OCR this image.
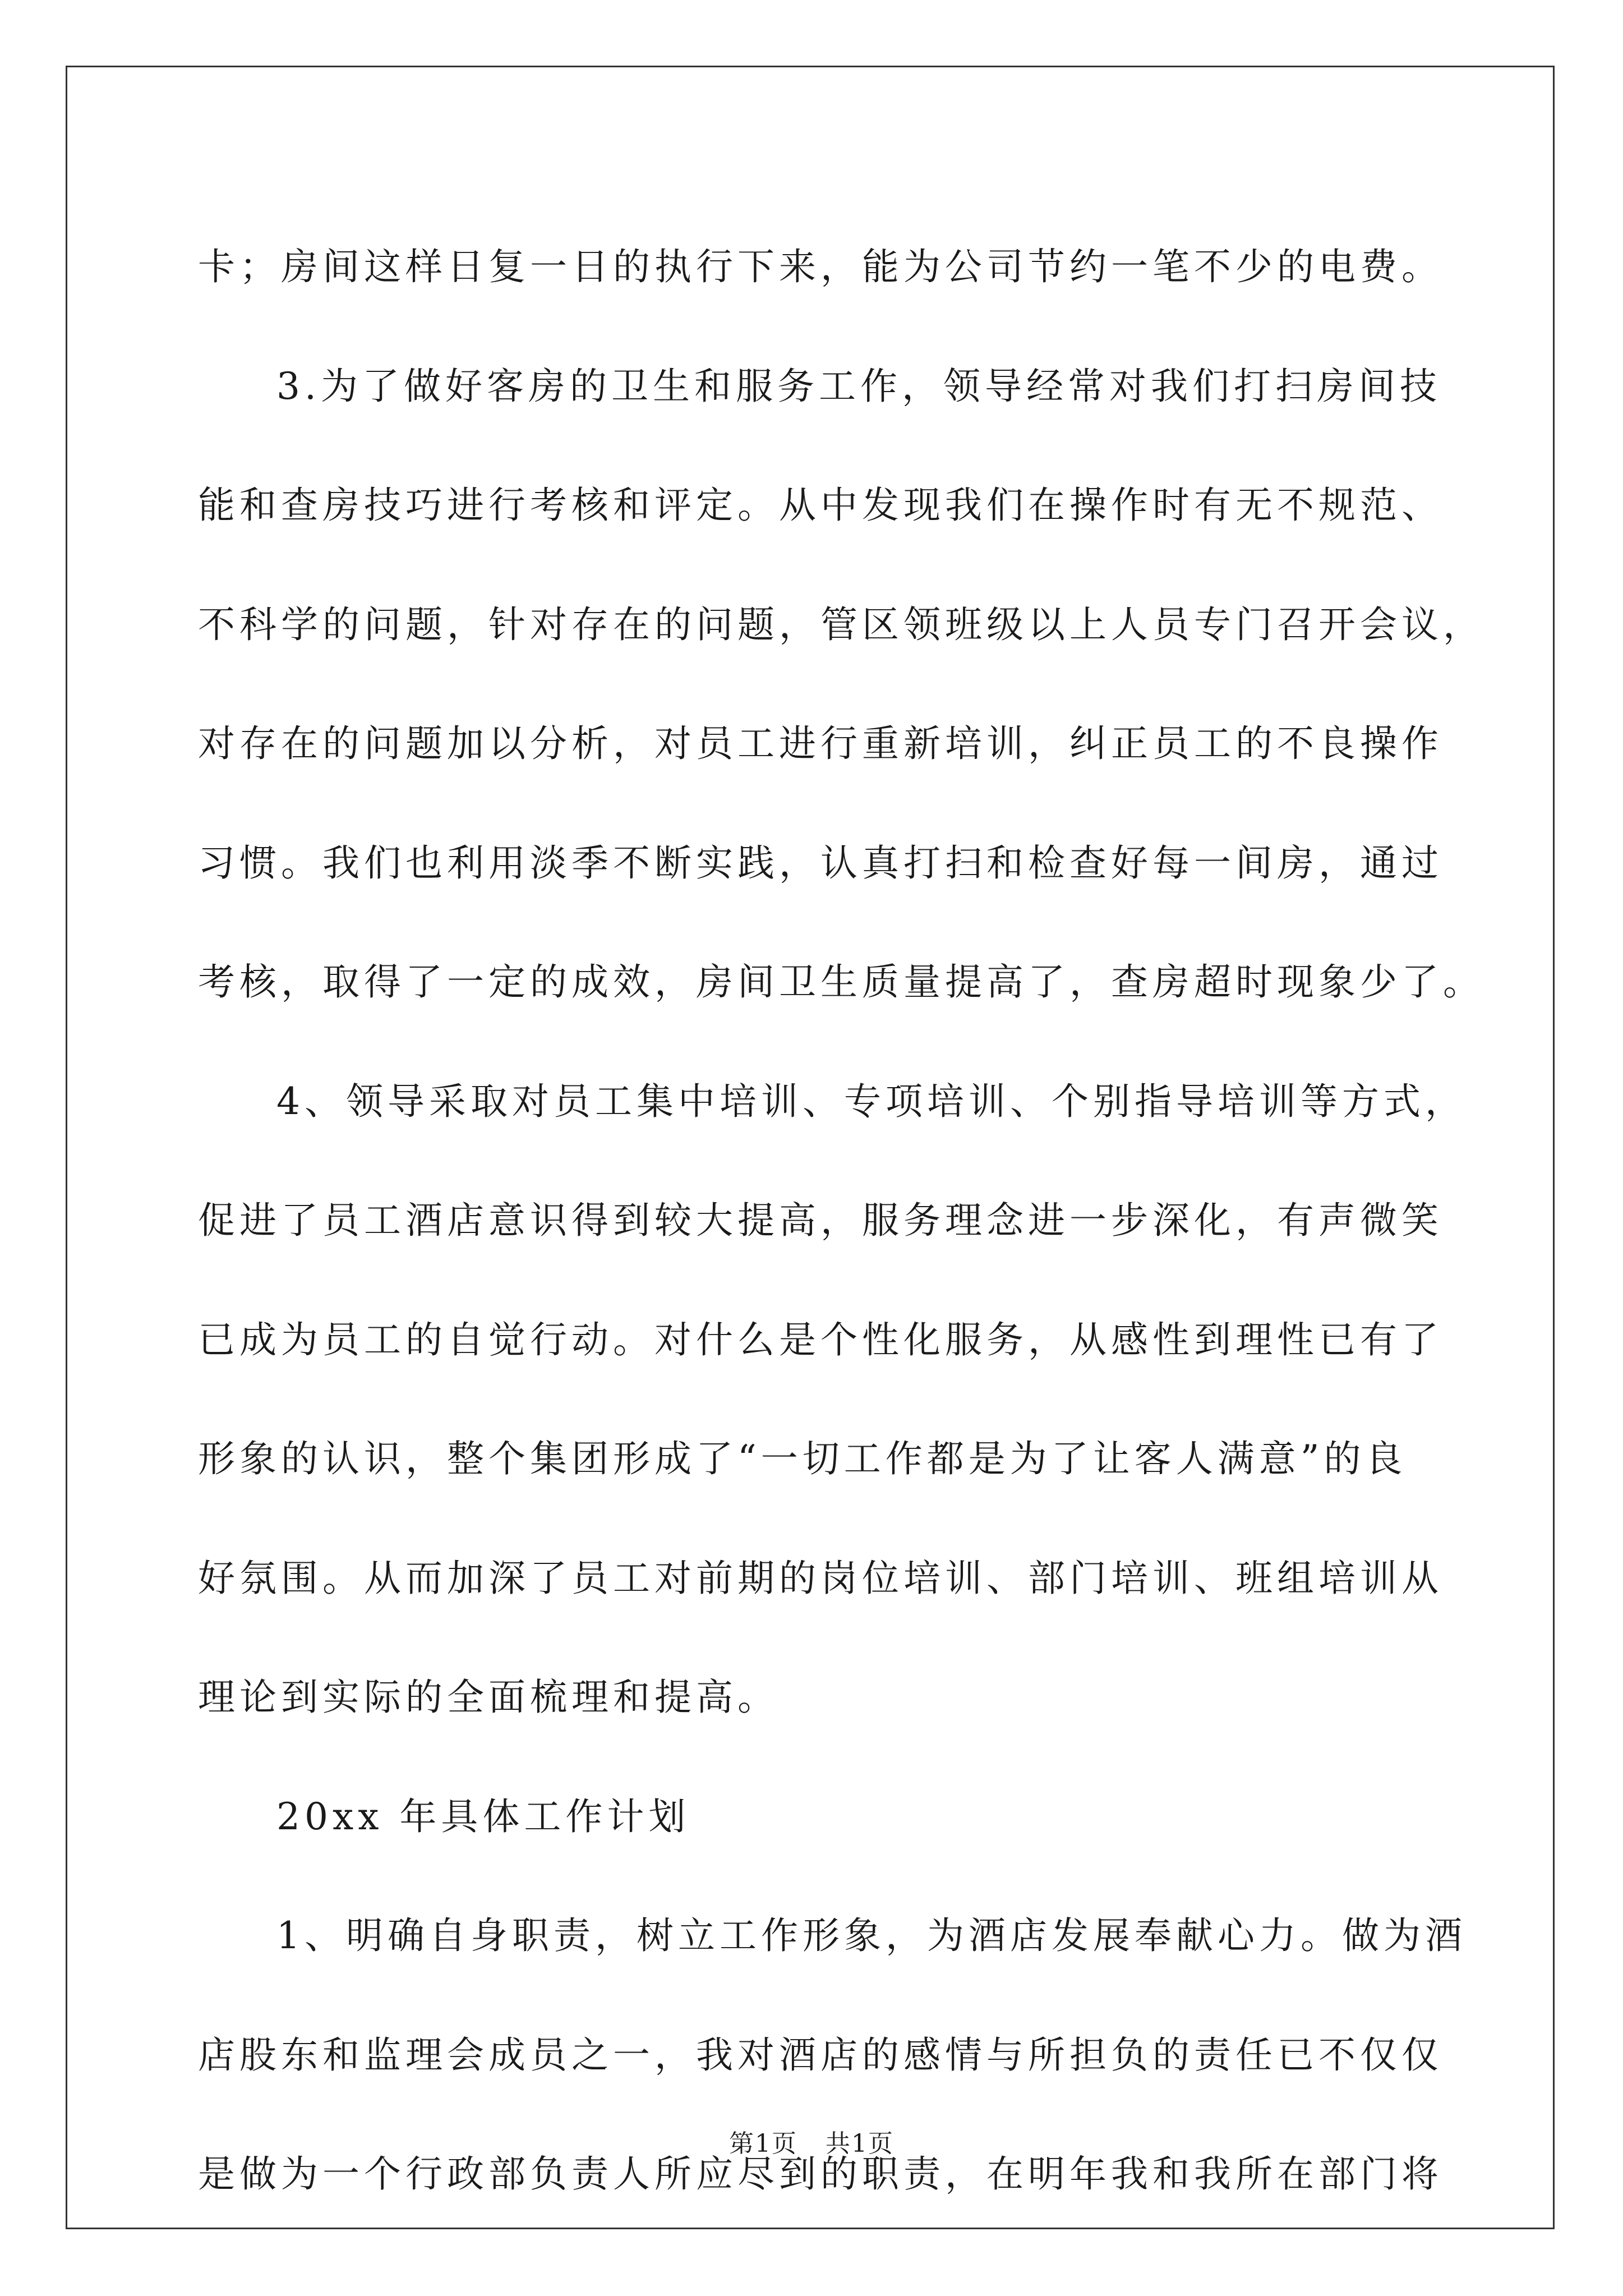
卡；房间这样日复一日的执行下来，能为公司节约一笔不少的电费。

3.为了做好客房的卫生和服务工作，领导经常对我们打扫房间技

能和查房技巧进行考核和评定。从中发现我们在操作时有无不规范、

不科学的问题，针对存在的问题，管区领班级以上人员专门召开会议，

对存在的问题加以分析，对员工进行重新培训，纠正员工的不良操作

习惯。我们也利用淡季不断实践，认真打扫和检查好每一间房，通过

考核，取得了一定的成效，房间卫生质量提高了，查房超时现象少了。

4、领导采取对员工集中培训、专项培训、个别指导培训等方式，

促进了员工酒店意识得到较大提高，服务理念进一步深化，有声微笑

已成为员工的自觉行动。对什么是个性化服务，从感性到理性已有了

形象的认识，整个集团形成了“一切工作都是为了让客人满意”的良

好氛围。从而加深了员工对前期的岗位培训、部门培训、班组培训从

理论到实际的全面梳理和提高。

20xx 年具体工作计划

1、明确自身职责，树立工作形象，为酒店发展奉献心力。做为酒

店股东和监理会成员之一，我对酒店的感情与所担负的责任已不仅仅

是做为一个行政部负责人所应尽到的职责，在明年我和我所在部门将

第1页 共1页
